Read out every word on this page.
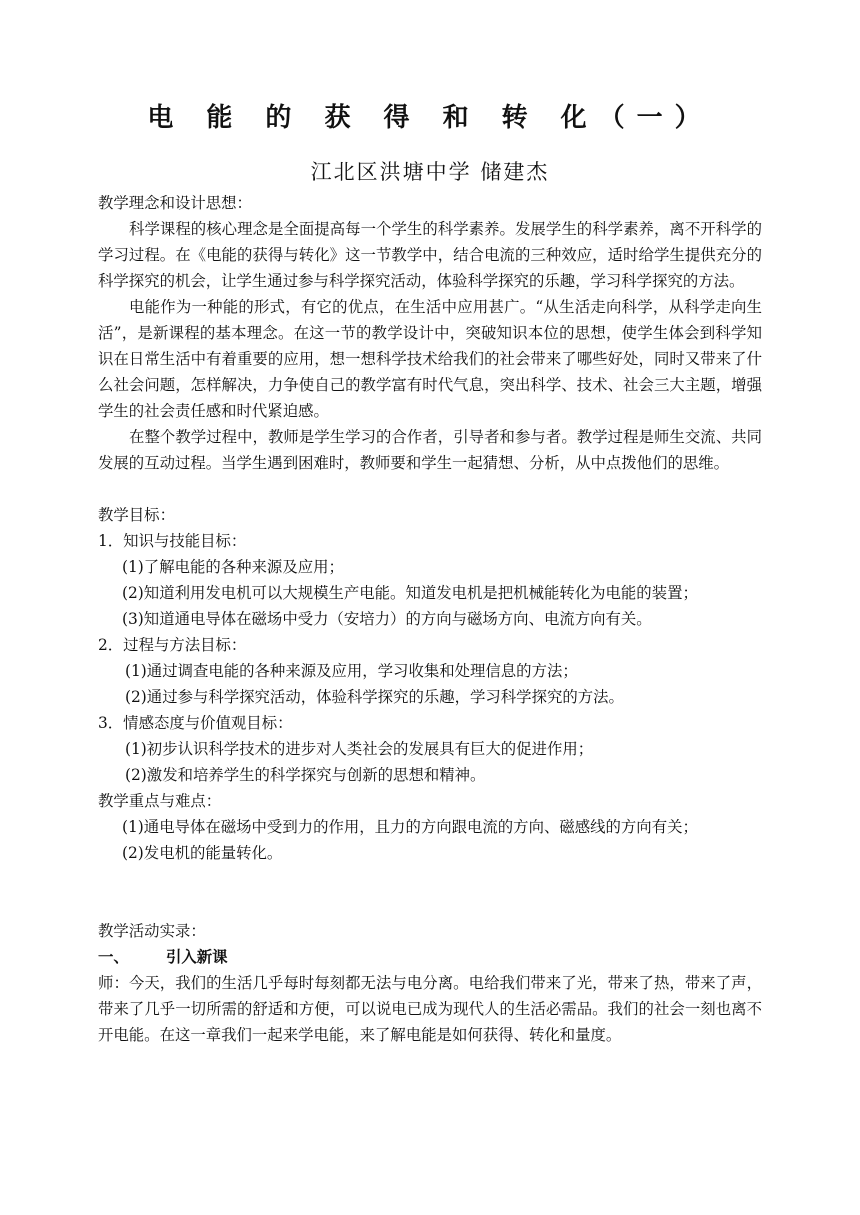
电 能 的 获 得 和 转 化（一）
江北区洪塘中学 储建杰

教学理念和设计思想：

科学课程的核心理念是全面提高每一个学生的科学素养。发展学生的科学素养，离不开科学的学习过程。在《电能的获得与转化》这一节教学中，结合电流的三种效应，适时给学生提供充分的科学探究的机会，让学生通过参与科学探究活动，体验科学探究的乐趣，学习科学探究的方法。

电能作为一种能的形式，有它的优点，在生活中应用甚广。“从生活走向科学，从科学走向生活”，是新课程的基本理念。在这一节的教学设计中，突破知识本位的思想，使学生体会到科学知识在日常生活中有着重要的应用，想一想科学技术给我们的社会带来了哪些好处，同时又带来了什么社会问题，怎样解决，力争使自己的教学富有时代气息，突出科学、技术、社会三大主题，增强学生的社会责任感和时代紧迫感。

在整个教学过程中，教师是学生学习的合作者，引导者和参与者。教学过程是师生交流、共同发展的互动过程。当学生遇到困难时，教师要和学生一起猜想、分析，从中点拨他们的思维。

教学目标：

1．知识与技能目标：

(1)了解电能的各种来源及应用；

(2)知道利用发电机可以大规模生产电能。知道发电机是把机械能转化为电能的装置；

(3)知道通电导体在磁场中受力（安培力）的方向与磁场方向、电流方向有关。

2．过程与方法目标：

(1)通过调查电能的各种来源及应用，学习收集和处理信息的方法；

(2)通过参与科学探究活动，体验科学探究的乐趣，学习科学探究的方法。

3．情感态度与价值观目标：

(1)初步认识科学技术的进步对人类社会的发展具有巨大的促进作用；

(2)激发和培养学生的科学探究与创新的思想和精神。

教学重点与难点：

(1)通电导体在磁场中受到力的作用，且力的方向跟电流的方向、磁感线的方向有关；

(2)发电机的能量转化。

教学活动实录：

一、 引入新课

师：今天，我们的生活几乎每时每刻都无法与电分离。电给我们带来了光，带来了热，带来了声，带来了几乎一切所需的舒适和方便，可以说电已成为现代人的生活必需品。我们的社会一刻也离不开电能。在这一章我们一起来学电能，来了解电能是如何获得、转化和量度。
